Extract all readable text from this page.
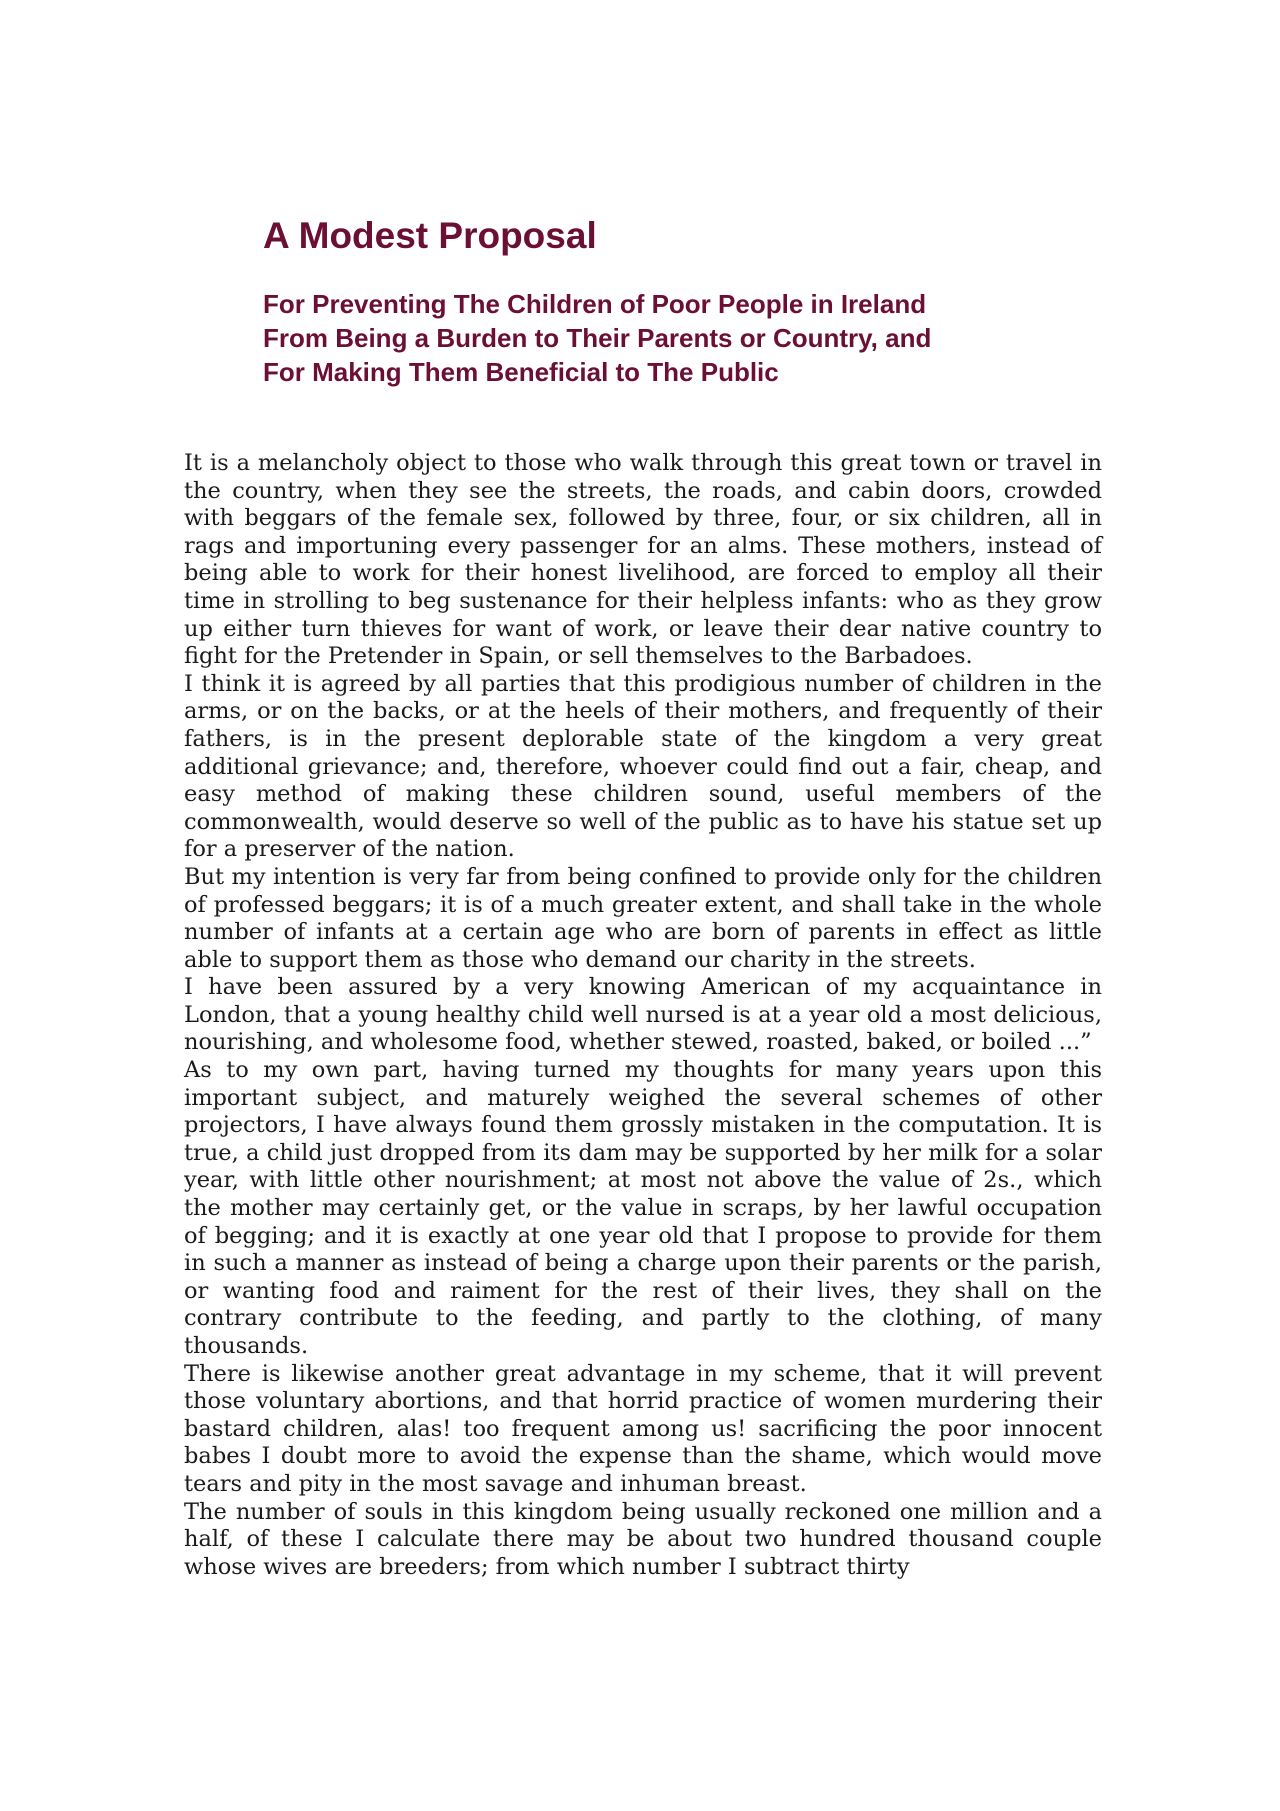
A Modest Proposal
For Preventing The Children of Poor People in Ireland
From Being a Burden to Their Parents or Country, and
For Making Them Beneficial to The Public

It is a melancholy object to those who walk through this great town or travel in the country, when they see the streets, the roads, and cabin doors, crowded with beggars of the female sex, followed by three, four, or six children, all in rags and importuning every passenger for an alms. These mothers, instead of being able to work for their honest livelihood, are forced to employ all their time in strolling to beg sustenance for their helpless infants: who as they grow up either turn thieves for want of work, or leave their dear native country to fight for the Pretender in Spain, or sell themselves to the Barbadoes.

I think it is agreed by all parties that this prodigious number of children in the arms, or on the backs, or at the heels of their mothers, and frequently of their fathers, is in the present deplorable state of the kingdom a very great additional grievance; and, therefore, whoever could find out a fair, cheap, and easy method of making these children sound, useful members of the commonwealth, would deserve so well of the public as to have his statue set up for a preserver of the nation.

But my intention is very far from being confined to provide only for the children of professed beggars; it is of a much greater extent, and shall take in the whole number of infants at a certain age who are born of parents in effect as little able to support them as those who demand our charity in the streets.

I have been assured by a very knowing American of my acquaintance in London, that a young healthy child well nursed is at a year old a most delicious, nourishing, and wholesome food, whether stewed, roasted, baked, or boiled ...”

As to my own part, having turned my thoughts for many years upon this important subject, and maturely weighed the several schemes of other projectors, I have always found them grossly mistaken in the computation. It is true, a child just dropped from its dam may be supported by her milk for a solar year, with little other nourishment; at most not above the value of 2s., which the mother may certainly get, or the value in scraps, by her lawful occupation of begging; and it is exactly at one year old that I propose to provide for them in such a manner as instead of being a charge upon their parents or the parish, or wanting food and raiment for the rest of their lives, they shall on the contrary contribute to the feeding, and partly to the clothing, of many thousands.

There is likewise another great advantage in my scheme, that it will prevent those voluntary abortions, and that horrid practice of women murdering their bastard children, alas! too frequent among us! sacrificing the poor innocent babes I doubt more to avoid the expense than the shame, which would move tears and pity in the most savage and inhuman breast.

The number of souls in this kingdom being usually reckoned one million and a half, of these I calculate there may be about two hundred thousand couple whose wives are breeders; from which number I subtract thirty
